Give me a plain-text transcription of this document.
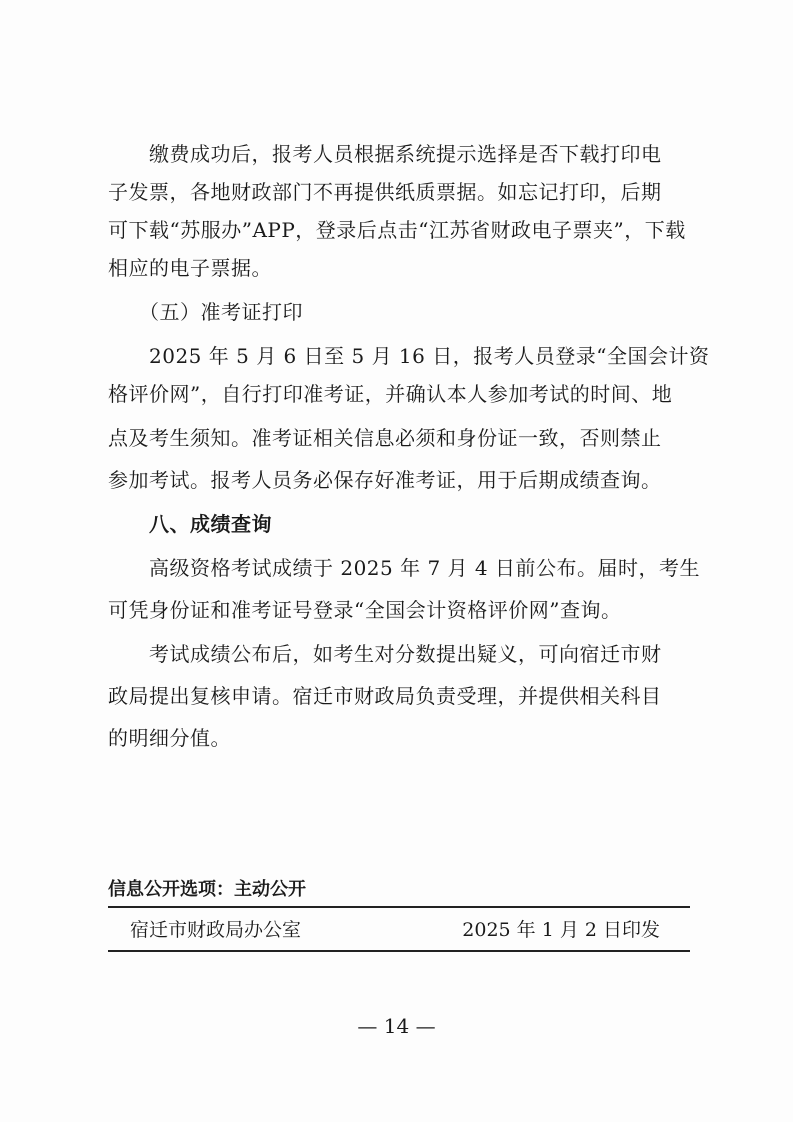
　　缴费成功后，报考人员根据系统提示选择是否下载打印电
子发票，各地财政部门不再提供纸质票据。如忘记打印，后期
可下载“苏服办”APP，登录后点击“江苏省财政电子票夹”，下载
相应的电子票据。
　　（五）准考证打印
　　2025 年 5 月 6 日至 5 月 16 日，报考人员登录“全国会计资
格评价网”，自行打印准考证，并确认本人参加考试的时间、地
点及考生须知。准考证相关信息必须和身份证一致，否则禁止
参加考试。报考人员务必保存好准考证，用于后期成绩查询。
　　八、成绩查询
　　高级资格考试成绩于 2025 年 7 月 4 日前公布。届时，考生
可凭身份证和准考证号登录“全国会计资格评价网”查询。
　　考试成绩公布后，如考生对分数提出疑义，可向宿迁市财
政局提出复核申请。宿迁市财政局负责受理，并提供相关科目
的明细分值。
信息公开选项：主动公开
宿迁市财政局办公室	2025 年 1 月 2 日印发
— 14 —
